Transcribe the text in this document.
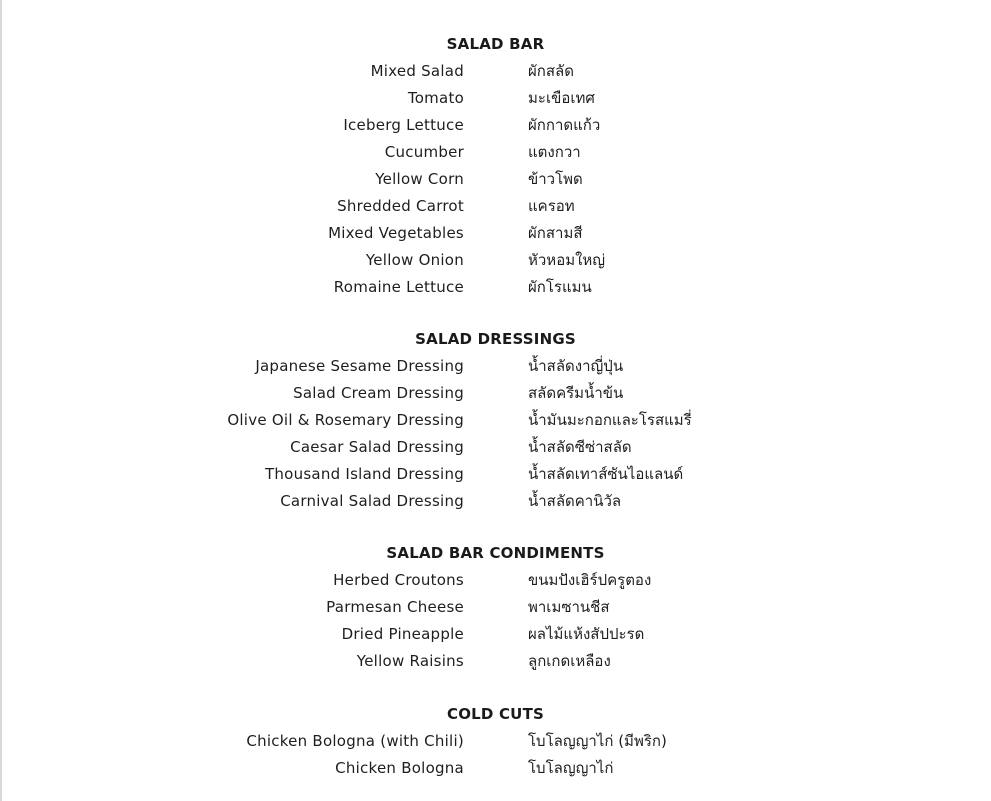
SALAD BAR
Mixed Salad	ผักสลัด
Tomato	มะเขือเทศ
Iceberg Lettuce	ผักกาดแก้ว
Cucumber	แตงกวา
Yellow Corn	ข้าวโพด
Shredded Carrot	แครอท
Mixed Vegetables	ผักสามสี
Yellow Onion	หัวหอมใหญ่
Romaine Lettuce	ผักโรแมน
SALAD DRESSINGS
Japanese Sesame Dressing	น้ำสลัดงาญี่ปุ่น
Salad Cream Dressing	สลัดครีมน้ำข้น
Olive Oil & Rosemary Dressing	น้ำมันมะกอกและโรสแมรี่
Caesar Salad Dressing	น้ำสลัดซีซ่าสลัด
Thousand Island Dressing	น้ำสลัดเทาส์ซันไอแลนด์
Carnival Salad Dressing	น้ำสลัดคานิวัล
SALAD BAR CONDIMENTS
Herbed Croutons	ขนมปังเฮิร์ปครูตอง
Parmesan Cheese	พาเมซานชีส
Dried Pineapple	ผลไม้แห้งสัปปะรด
Yellow Raisins	ลูกเกดเหลือง
COLD CUTS
Chicken Bologna (with Chili)	โบโลญญาไก่ (มีพริก)
Chicken Bologna	โบโลญญาไก่
